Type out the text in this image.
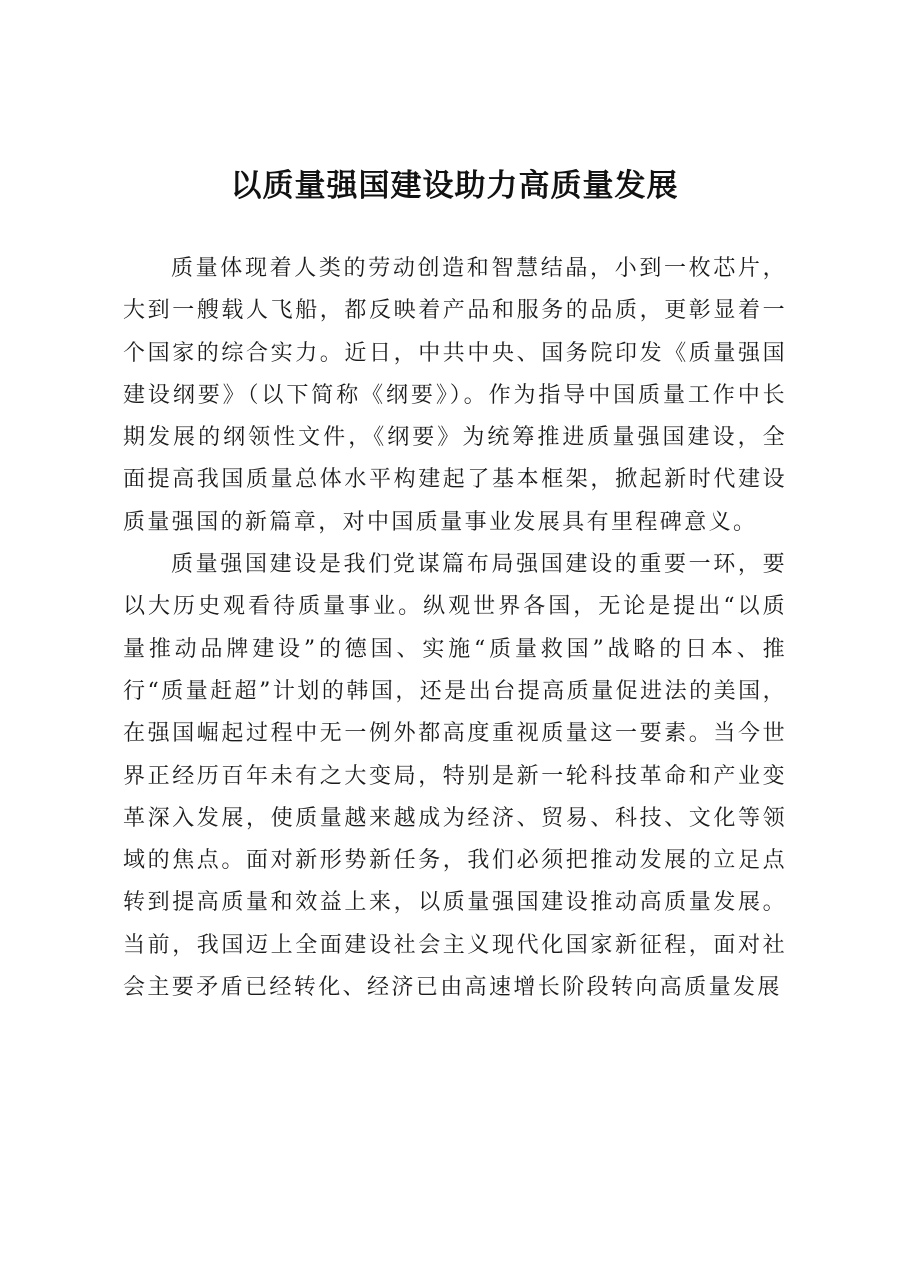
以质量强国建设助力高质量发展

质量体现着人类的劳动创造和智慧结晶，小到一枚芯片，大到一艘载人飞船，都反映着产品和服务的品质，更彰显着一个国家的综合实力。近日，中共中央、国务院印发《质量强国建设纲要》（以下简称《纲要》）。作为指导中国质量工作中长期发展的纲领性文件，《纲要》为统筹推进质量强国建设，全面提高我国质量总体水平构建起了基本框架，掀起新时代建设质量强国的新篇章，对中国质量事业发展具有里程碑意义。

质量强国建设是我们党谋篇布局强国建设的重要一环，要以大历史观看待质量事业。纵观世界各国，无论是提出“以质量推动品牌建设”的德国、实施“质量救国”战略的日本、推行“质量赶超”计划的韩国，还是出台提高质量促进法的美国，在强国崛起过程中无一例外都高度重视质量这一要素。当今世界正经历百年未有之大变局，特别是新一轮科技革命和产业变革深入发展，使质量越来越成为经济、贸易、科技、文化等领域的焦点。面对新形势新任务，我们必须把推动发展的立足点转到提高质量和效益上来，以质量强国建设推动高质量发展。当前，我国迈上全面建设社会主义现代化国家新征程，面对社会主要矛盾已经转化、经济已由高速增长阶段转向高质量发展
